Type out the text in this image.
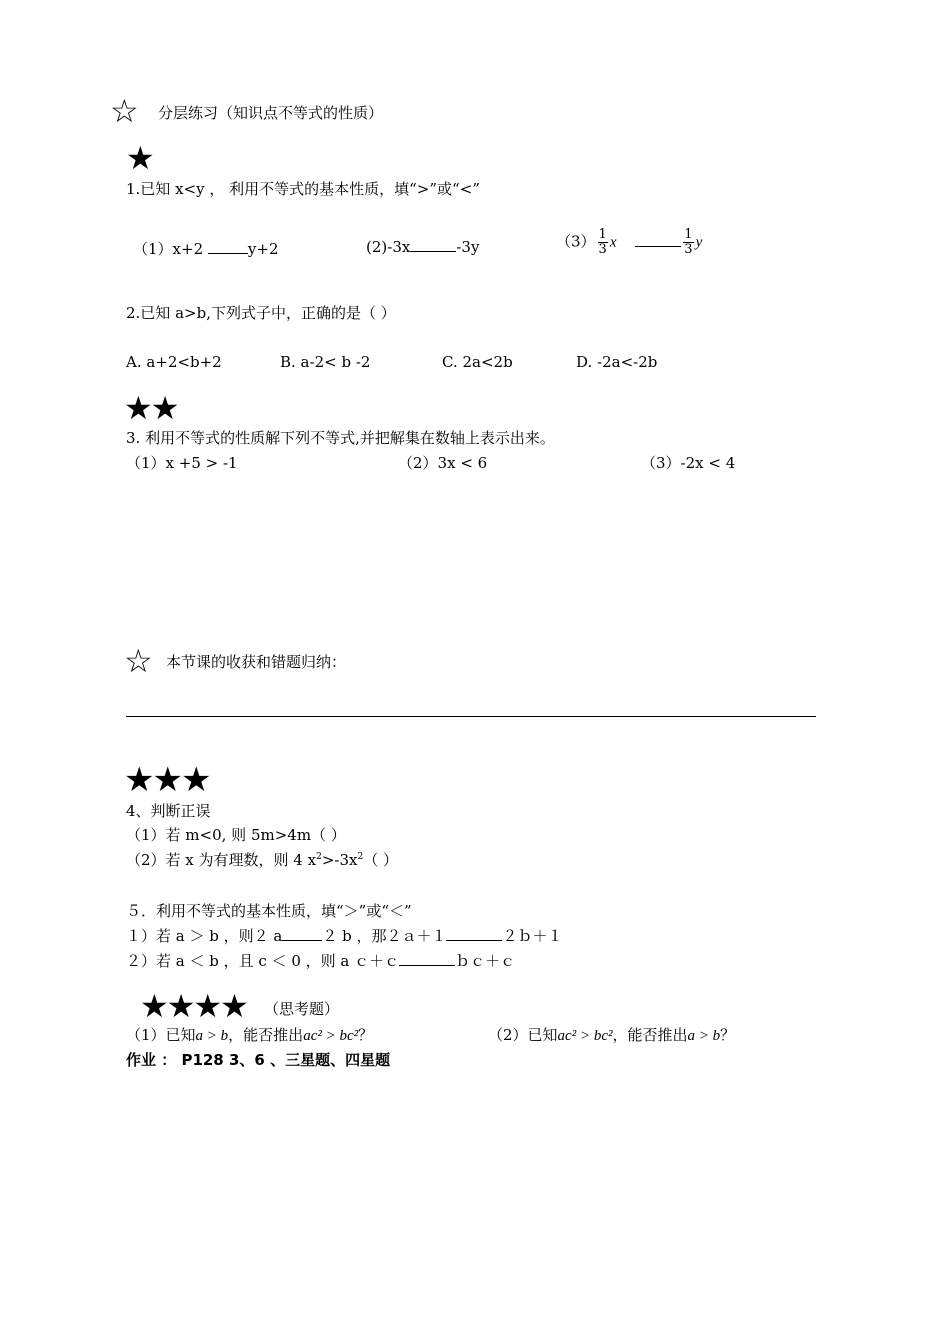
☆ 分层练习（知识点不等式的性质）
★
1.已知 x<y ， 利用不等式的基本性质，填“>”或“<”
（1）x+2	y+2	(2)-3x	-3y	$(3) \frac{1}{3}$ x	$\frac{1}{3}$ y
2.已知 a>b,下列式子中，正确的是（ ）
A. a+2<b+2	B. a-2< b -2	C. 2a<2b	D. -2a<-2b
★★
3. 利用不等式的性质解下列不等式,并把解集在数轴上表示出来。
（1）x +5 > -1	（2）3x < 6	（3）-2x < 4
☆ 本节课的收获和错题归纳：
★★★
4、判断正误
（1）若 m<0, 则 5m>4m（ ）
（2）若 x 为有理数，则 4 $x^2>-3x^2$（ ）
５．利用不等式的基本性质，填“＞”或“＜”
１）若 a ＞ b ，则２ a	２ b ，那２ａ＋１	２ｂ＋１
２）若 a ＜ b ，且 c ＜ 0 ，则 a ｃ＋ｃ	ｂｃ＋ｃ
★★★★ （思考题）
（1）已知a > b，能否推出ac² > bc²？	（2）已知ac² > bc²，能否推出a > b？
作业 ： P128 3、6 、三星题、四星题
